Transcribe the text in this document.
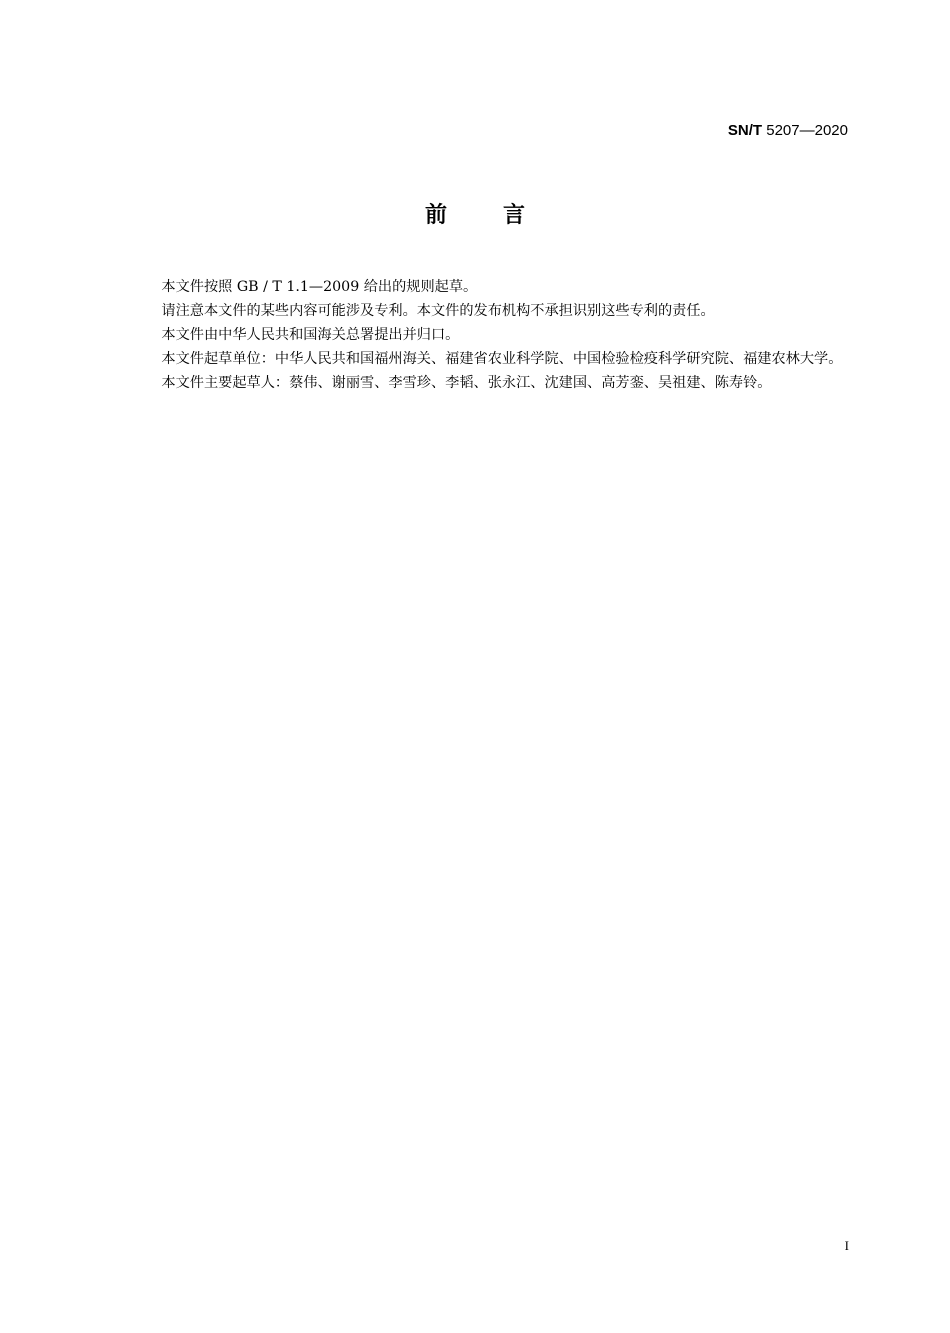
SN/T 5207—2020
前言

本文件按照 GB / T 1.1—2009 给出的规则起草。

请注意本文件的某些内容可能涉及专利。本文件的发布机构不承担识别这些专利的责任。

本文件由中华人民共和国海关总署提出并归口。

本文件起草单位：中华人民共和国福州海关、福建省农业科学院、中国检验检疫科学研究院、福建农林大学。

本文件主要起草人：蔡伟、谢丽雪、李雪珍、李韬、张永江、沈建国、高芳銮、吴祖建、陈寿铃。

I
